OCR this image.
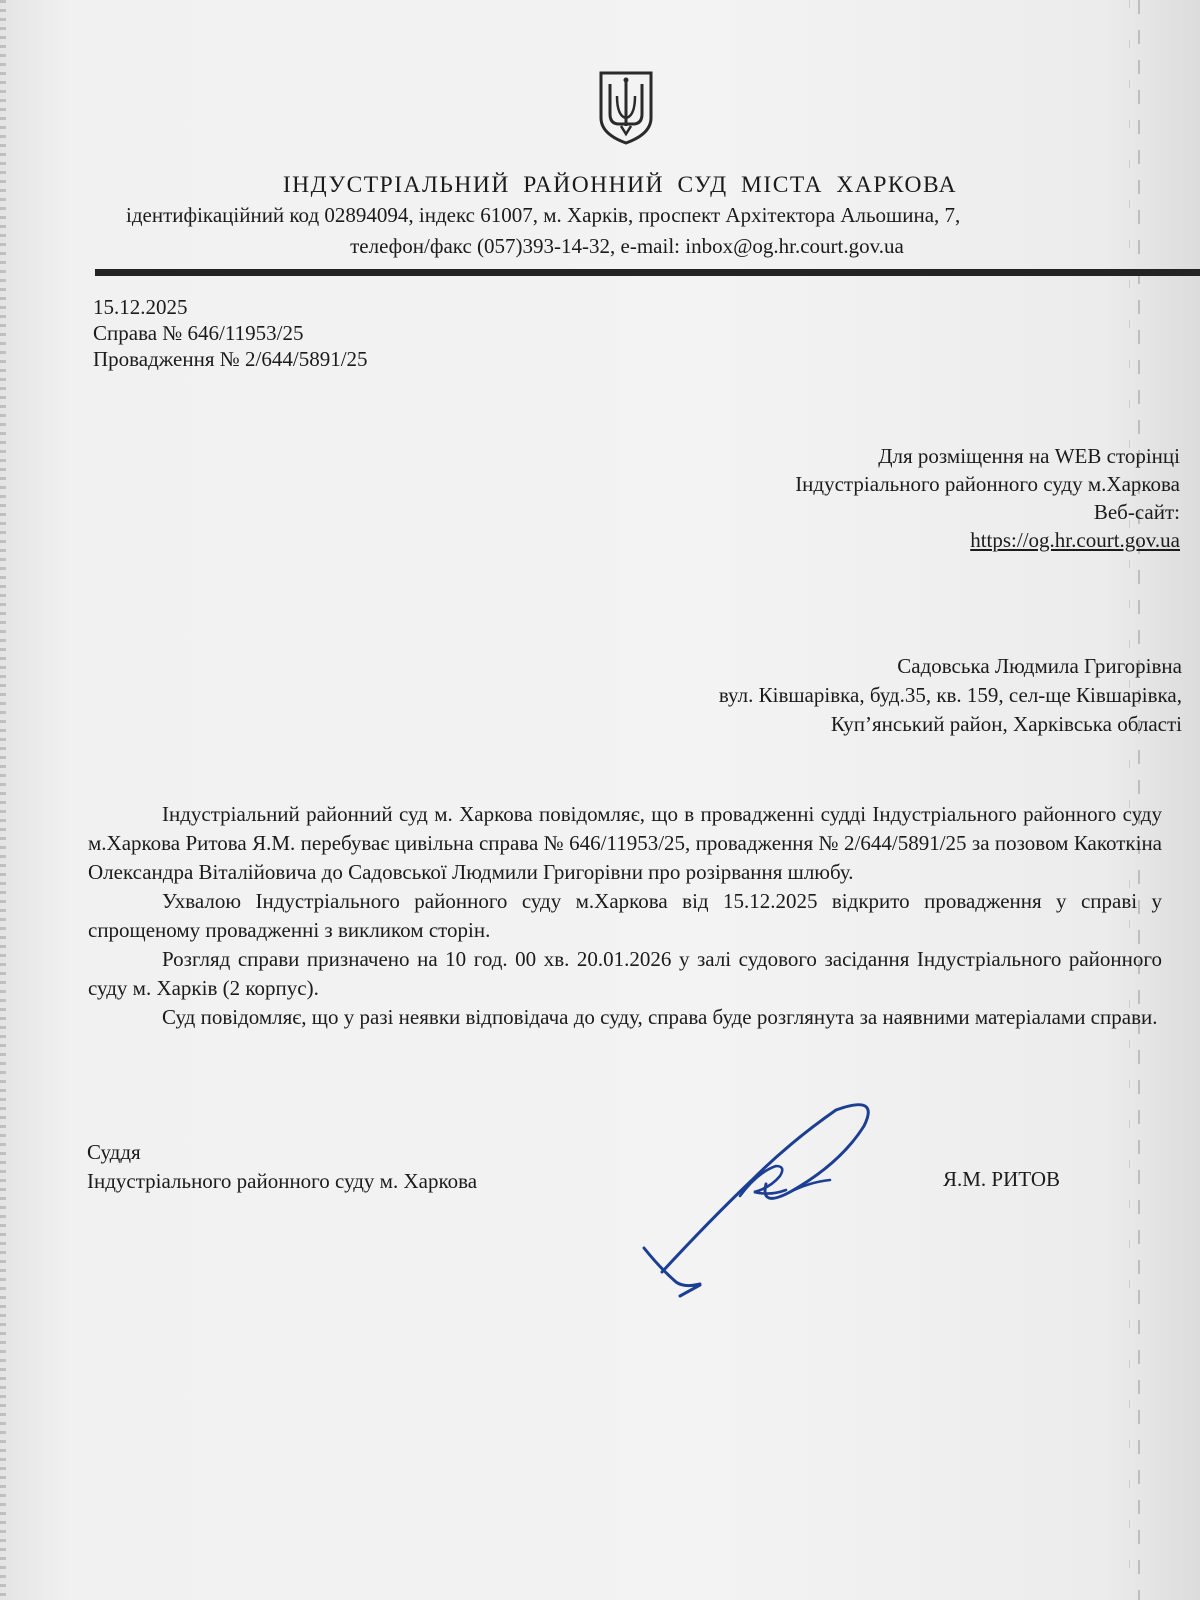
ІНДУСТРІАЛЬНИЙ РАЙОННИЙ СУД МІСТА ХАРКОВА
ідентифікаційний код 02894094, індекс 61007, м. Харків, проспект Архітектора Альошина, 7,
телефон/факс (057)393-14-32, e-mail: inbox@og.hr.court.gov.ua
15.12.2025
Справа № 646/11953/25
Провадження № 2/644/5891/25
Для розміщення на WEB сторінці
Індустріального районного суду м.Харкова
Веб-сайт:
https://og.hr.court.gov.ua
Садовська Людмила Григорівна
вул. Ківшарівка, буд.35, кв. 159, сел-ще Ківшарівка,
Куп’янський район, Харківська області

Індустріальний районний суд м. Харкова повідомляє, що в провадженні судді Індустріального районного суду м.Харкова Ритова Я.М. перебуває цивільна справа № 646/11953/25, провадження № 2/644/5891/25 за позовом Какоткіна Олександра Віталійовича до Садовської Людмили Григорівни про розірвання шлюбу.

Ухвалою Індустріального районного суду м.Харкова від 15.12.2025 відкрито провадження у справі у спрощеному провадженні з викликом сторін.

Розгляд справи призначено на 10 год. 00 хв. 20.01.2026 у залі судового засідання Індустріального районного суду м. Харків (2 корпус).

Суд повідомляє, що у разі неявки відповідача до суду, справа буде розглянута за наявними матеріалами справи.

Суддя
Індустріального районного суду м. Харкова	Я.М. РИТОВ
